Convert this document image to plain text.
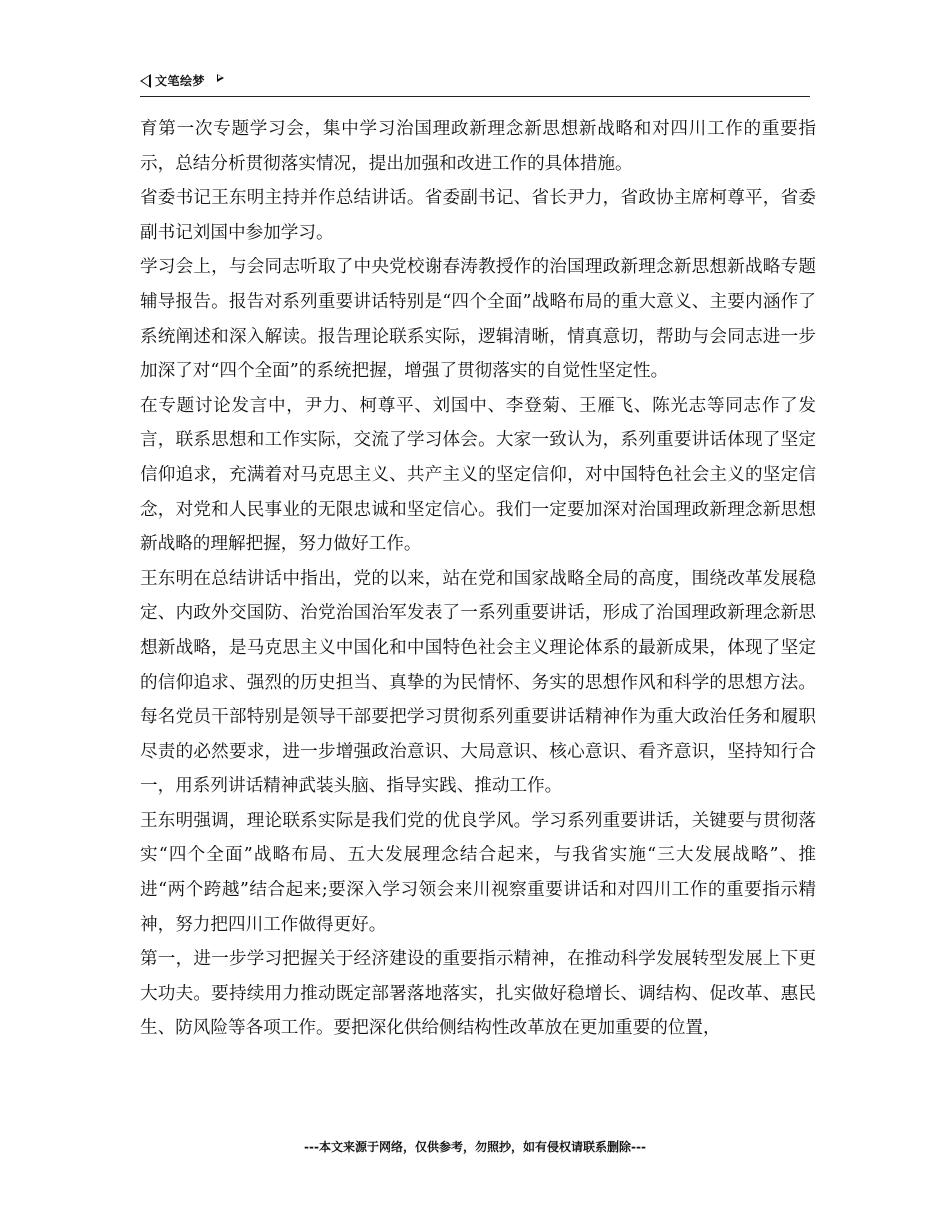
文笔绘梦

育第一次专题学习会，集中学习治国理政新理念新思想新战略和对四川工作的重要指示，总结分析贯彻落实情况，提出加强和改进工作的具体措施。

省委书记王东明主持并作总结讲话。省委副书记、省长尹力，省政协主席柯尊平，省委副书记刘国中参加学习。

学习会上，与会同志听取了中央党校谢春涛教授作的治国理政新理念新思想新战略专题辅导报告。报告对系列重要讲话特别是“四个全面”战略布局的重大意义、主要内涵作了系统阐述和深入解读。报告理论联系实际，逻辑清晰，情真意切，帮助与会同志进一步加深了对“四个全面”的系统把握，增强了贯彻落实的自觉性坚定性。

在专题讨论发言中，尹力、柯尊平、刘国中、李登菊、王雁飞、陈光志等同志作了发言，联系思想和工作实际，交流了学习体会。大家一致认为，系列重要讲话体现了坚定信仰追求，充满着对马克思主义、共产主义的坚定信仰，对中国特色社会主义的坚定信念，对党和人民事业的无限忠诚和坚定信心。我们一定要加深对治国理政新理念新思想新战略的理解把握，努力做好工作。

王东明在总结讲话中指出，党的以来，站在党和国家战略全局的高度，围绕改革发展稳定、内政外交国防、治党治国治军发表了一系列重要讲话，形成了治国理政新理念新思想新战略，是马克思主义中国化和中国特色社会主义理论体系的最新成果，体现了坚定的信仰追求、强烈的历史担当、真挚的为民情怀、务实的思想作风和科学的思想方法。每名党员干部特别是领导干部要把学习贯彻系列重要讲话精神作为重大政治任务和履职尽责的必然要求，进一步增强政治意识、大局意识、核心意识、看齐意识，坚持知行合一，用系列讲话精神武装头脑、指导实践、推动工作。

王东明强调，理论联系实际是我们党的优良学风。学习系列重要讲话，关键要与贯彻落实“四个全面”战略布局、五大发展理念结合起来，与我省实施“三大发展战略”、推进“两个跨越”结合起来;要深入学习领会来川视察重要讲话和对四川工作的重要指示精神，努力把四川工作做得更好。

第一，进一步学习把握关于经济建设的重要指示精神，在推动科学发展转型发展上下更大功夫。要持续用力推动既定部署落地落实，扎实做好稳增长、调结构、促改革、惠民生、防风险等各项工作。要把深化供给侧结构性改革放在更加重要的位置，

---本文来源于网络，仅供参考，勿照抄，如有侵权请联系删除---
